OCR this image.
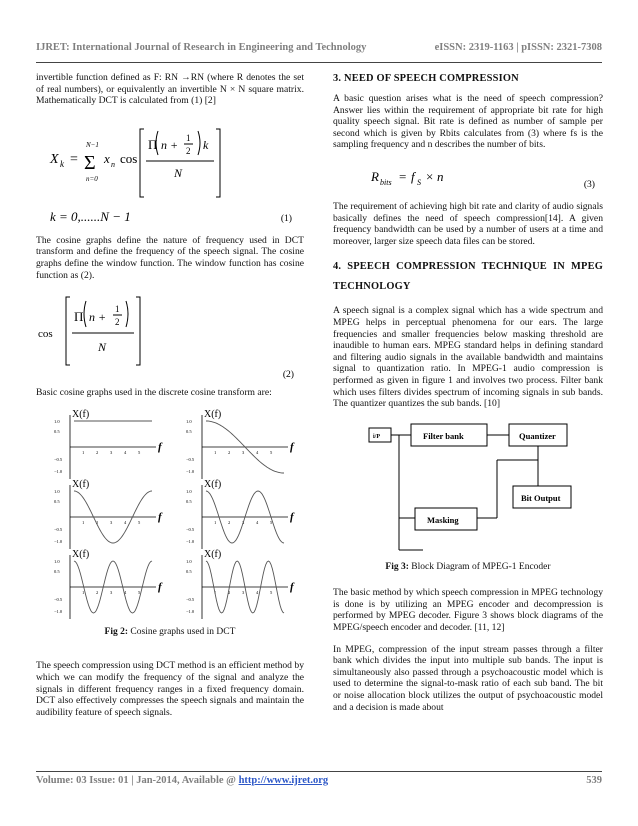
IJRET: International Journal of Research in Engineering and Technology	eISSN: 2319-1163 | pISSN: 2321-7308

invertible function defined as F: RN →RN (where R denotes the set of real numbers), or equivalently an invertible N × N square matrix. Mathematically DCT is calculated from (1) [2]

X k =
N−1
Σ
n=0
x n cos
Π n + 1
2 k
N
k = 0,......N − 1	(1)

The cosine graphs define the nature of frequency used in DCT transform and define the frequency of the speech signal. The cosine graphs define the window function. The window function has cosine function as (2).

cos
Π n +
1
2
N
(2)

Basic cosine graphs used in the discrete cosine transform are:

X(f)
f
1.0
0.5
−0.5
−1.0
1	2	3	4	5
X(f)
f
1.0
0.5
−0.5
−1.0
1	2	3	4	5
X(f)
f
1.0
0.5
−0.5
−1.0
1	2	3	4	5
X(f)
f
1.0
0.5
−0.5
−1.0
1	2	3	4	5
X(f)
f
1.0
0.5
−0.5
−1.0
1	2	3	4	5
X(f)
f
1.0
0.5
−0.5
−1.0
1	2	3	4	5

Fig 2: Cosine graphs used in DCT

The speech compression using DCT method is an efficient method by which we can modify the frequency of the signal and analyze the signals in different frequency ranges in a fixed frequency domain. DCT also effectively compresses the speech signals and maintain the audibility feature of speech signals.

3. NEED OF SPEECH COMPRESSION

A basic question arises what is the need of speech compression? Answer lies within the requirement of appropriate bit rate for high quality speech signal. Bit rate is defined as number of sample per second which is given by Rbits calculates from (3) where fs is the sampling frequency and n describes the number of bits.

R bits = f S × n
(3)

The requirement of achieving high bit rate and clarity of audio signals basically defines the need of speech compression[14]. A given frequency bandwidth can be used by a number of users at a time and moreover, larger size speech data files can be stored.

4. SPEECH COMPRESSION TECHNIQUE IN MPEG TECHNOLOGY

A speech signal is a complex signal which has a wide spectrum and MPEG helps in perceptual phenomena for our ears. The large frequencies and smaller frequencies below masking threshold are inaudible to human ears. MPEG standard helps in defining standard and filtering audio signals in the available bandwidth and maintains signal to quantization ratio. In MPEG-1 audio compression is performed as given in figure 1 and involves two process. Filter bank which uses filters divides spectrum of incoming signals in sub bands. The quantizer quantizes the sub bands. [10]

i/P	Filter bank	Quantizer
Bit Output
Masking

Fig 3: Block Diagram of MPEG-1 Encoder

The basic method by which speech compression in MPEG technology is done is by utilizing an MPEG encoder and decompression is performed by MPEG decoder. Figure 3 shows block diagrams of the MPEG/speech encoder and decoder. [11, 12]

In MPEG, compression of the input stream passes through a filter bank which divides the input into multiple sub bands. The input is simultaneously also passed through a psychoacoustic model which is used to determine the signal-to-mask ratio of each sub band. The bit or noise allocation block utilizes the output of psychoacoustic model and a decision is made about

Volume: 03 Issue: 01 | Jan-2014, Available @ http://www.ijret.org	539
